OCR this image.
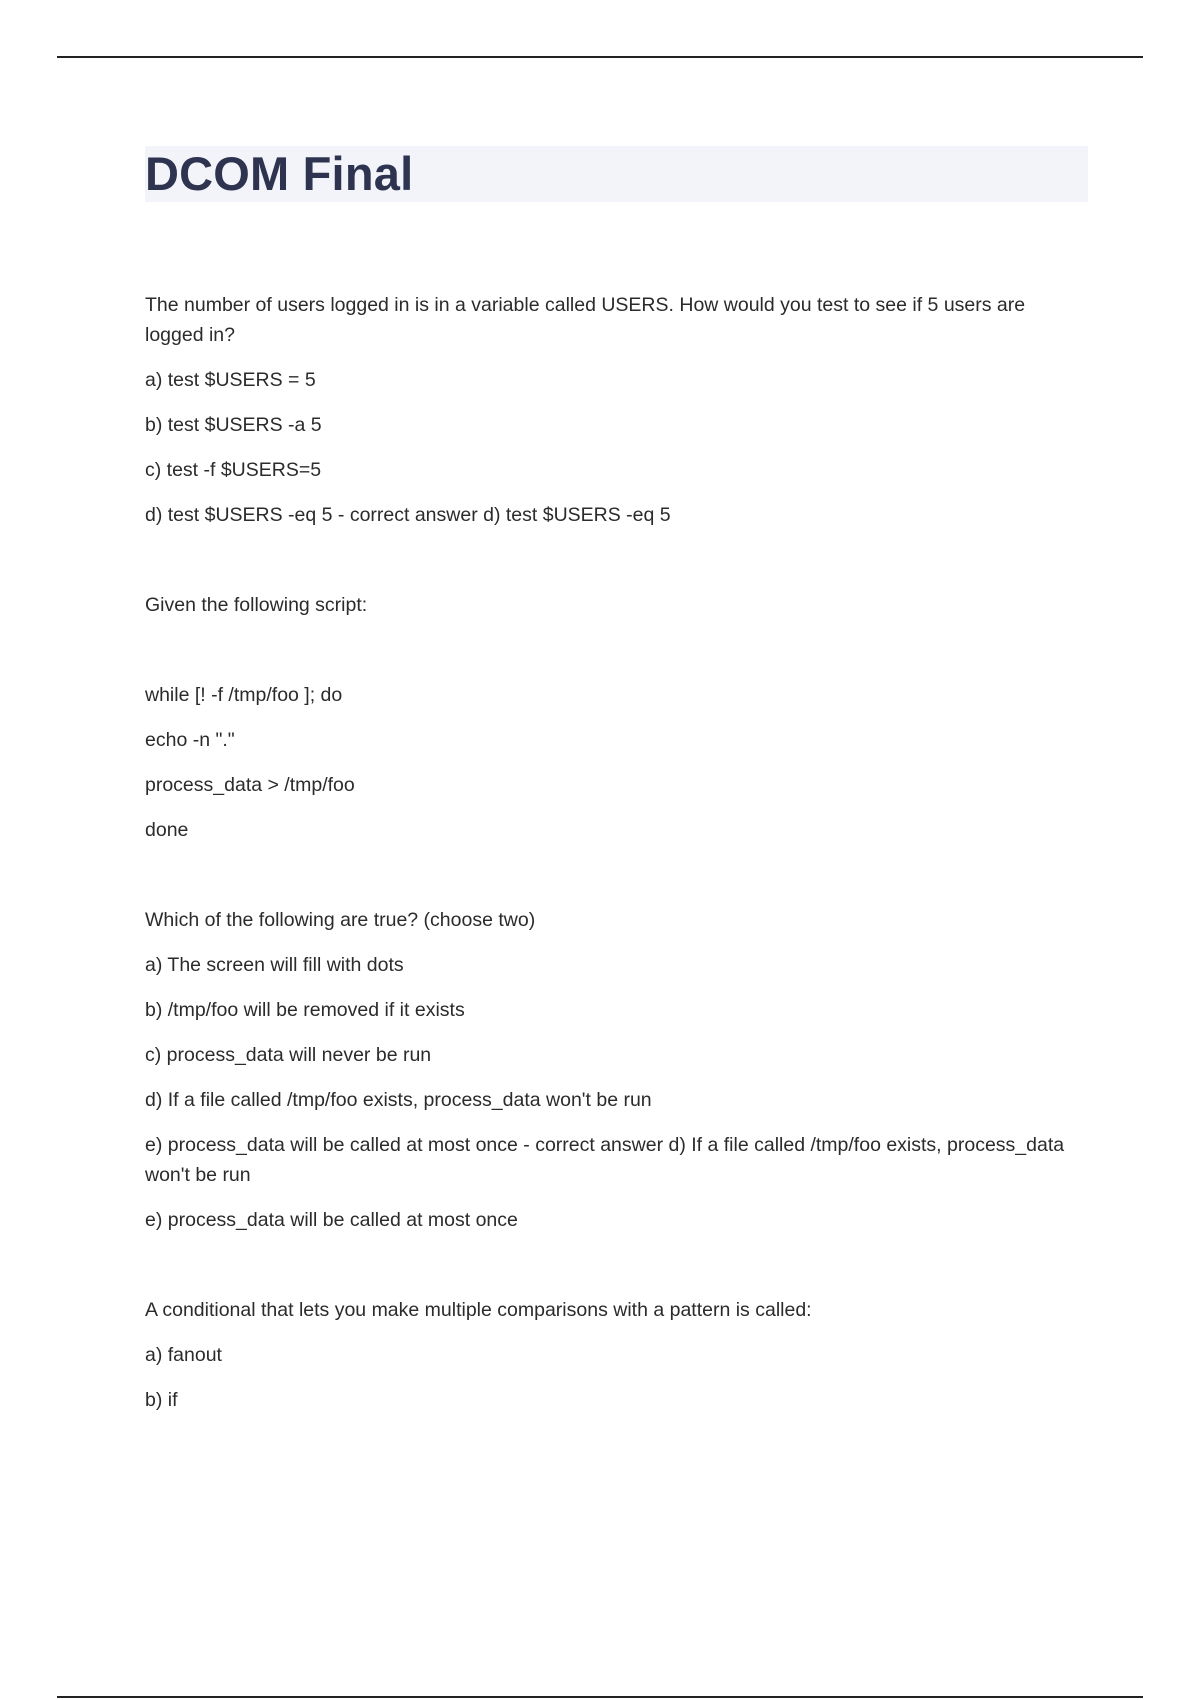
DCOM Final

The number of users logged in is in a variable called USERS. How would you test to see if 5 users are logged in?

a) test $USERS = 5

b) test $USERS -a 5

c) test -f $USERS=5

d) test $USERS -eq 5 - correct answer d) test $USERS -eq 5

Given the following script:

while [! -f /tmp/foo ]; do

echo -n "."

process_data > /tmp/foo

done

Which of the following are true? (choose two)

a) The screen will fill with dots

b) /tmp/foo will be removed if it exists

c) process_data will never be run

d) If a file called /tmp/foo exists, process_data won't be run

e) process_data will be called at most once - correct answer d) If a file called /tmp/foo exists, process_data won't be run

e) process_data will be called at most once

A conditional that lets you make multiple comparisons with a pattern is called:

a) fanout

b) if
